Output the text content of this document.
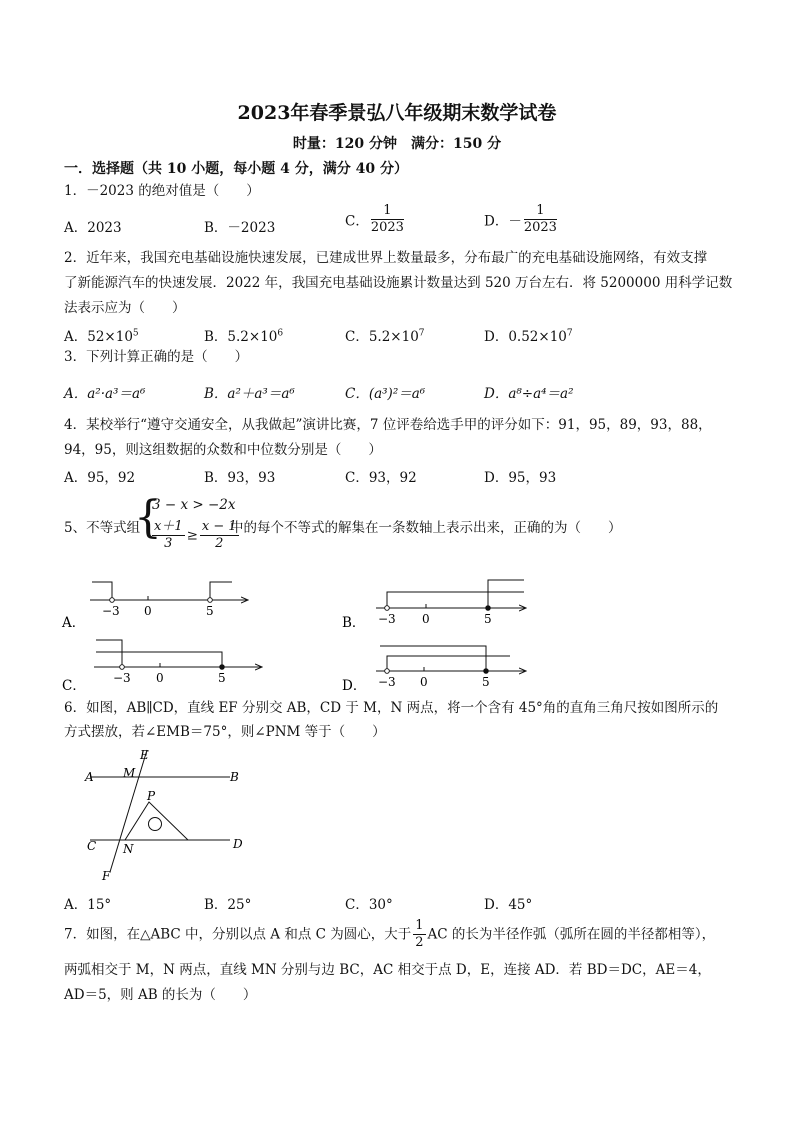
2023年春季景弘八年级期末数学试卷
时量：120 分钟　满分：150 分
一．选择题（共 10 小题，每小题 4 分，满分 40 分）
1．－2023 的绝对值是（　　）
A．2023	B．－2023	C． $\frac{1}{2023}$	D．－ $\frac{1}{2023}$
2．近年来，我国充电基础设施快速发展，已建成世界上数量最多，分布最广的充电基础设施网络，有效支撑
了新能源汽车的快速发展．2022 年，我国充电基础设施累计数量达到 520 万台左右．将 5200000 用科学记数
法表示应为（　　）
A．$52\times 10^5$	B．$5.2\times 10^6$	C．$5.2\times 10^7$	D．$0.52\times 10^7$
3．下列计算正确的是（　　）
A．a²·a³＝a⁶	B．a²＋a³＝a⁶	C．(a³)²＝a⁶	D．a⁸÷a⁴＝a²
4．某校举行“遵守交通安全，从我做起”演讲比赛，7 位评卷给选手甲的评分如下：91，95，89，93，88，
94，95，则这组数据的众数和中位数分别是（　　）
A．95，92	B．93，93	C．93，92	D．95，93
5、不等式组
{
3 − x > −2x
$\frac{x+1}{3} \ge \frac{x - 1}{2}$
中的每个不等式的解集在一条数轴上表示出来，正确的为（　　）
−3 0	5
A．	−3 0	5
B．
−3 0	5
C．	−3 0	5
D．
6．如图，AB∥CD，直线 EF 分别交 AB，CD 于 M，N 两点，将一个含有 45°角的直角三角尺按如图所示的
方式摆放，若∠EMB＝75°，则∠PNM 等于（　　）
E
M
A	B
P
C N	D
F
A．15°	B．25°	C．30°	D．45°
7．如图，在△ABC 中，分别以点 A 和点 C 为圆心，大于 $\frac{1}{2}$ AC 的长为半径作弧（弧所在圆的半径都相等），
两弧相交于 M，N 两点，直线 MN 分别与边 BC，AC 相交于点 D，E，连接 AD．若 BD＝DC，AE＝4，
AD＝5，则 AB 的长为（　　）
